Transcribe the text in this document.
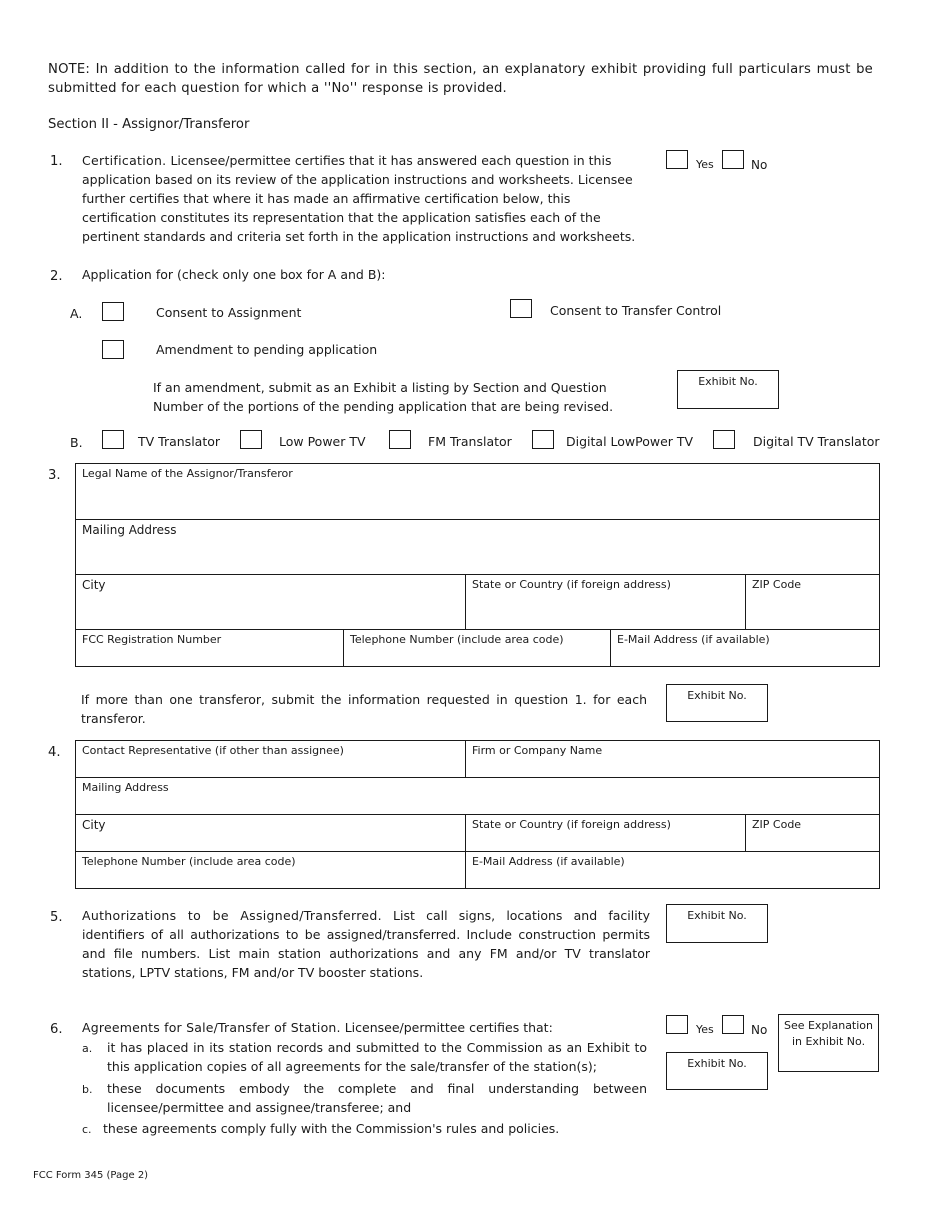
NOTE: In addition to the information called for in this section, an explanatory exhibit providing full particulars must be submitted for each question for which a ''No'' response is provided.
Section II - Assignor/Transferor
1. Certification. Licensee/permittee certifies that it has answered each question in this application based on its review of the application instructions and worksheets. Licensee further certifies that where it has made an affirmative certification below, this certification constitutes its representation that the application satisfies each of the pertinent standards and criteria set forth in the application instructions and worksheets.
Yes	No
2. Application for (check only one box for A and B):
A.	Consent to Assignment	Consent to Transfer Control
Amendment to pending application
If an amendment, submit as an Exhibit a listing by Section and Question Number of the portions of the pending application that are being revised.
Exhibit No.
B.	TV Translator	Low Power TV	FM Translator	Digital LowPower TV	Digital TV Translator
3.	Legal Name of the Assignor/Transferor
Mailing Address
City	State or Country (if foreign address)	ZIP Code
FCC Registration Number	Telephone Number (include area code)	E-Mail Address (if available)
If more than one transferor, submit the information requested in question 1. for each transferor.
Exhibit No.
4.	Contact Representative (if other than assignee)	Firm or Company Name
Mailing Address
City	State or Country (if foreign address)	ZIP Code
Telephone Number (include area code)	E-Mail Address (if available)
5. Authorizations to be Assigned/Transferred. List call signs, locations and facility identifiers of all authorizations to be assigned/transferred. Include construction permits and file numbers. List main station authorizations and any FM and/or TV translator stations, LPTV stations, FM and/or TV booster stations.
Exhibit No.
6. Agreements for Sale/Transfer of Station. Licensee/permittee certifies that:
a. it has placed in its station records and submitted to the Commission as an Exhibit to this application copies of all agreements for the sale/transfer of the station(s);
b. these documents embody the complete and final understanding between licensee/permittee and assignee/transferee; and
c. these agreements comply fully with the Commission's rules and policies.
Yes	No
Exhibit No.
See Explanation in Exhibit No.
FCC Form 345 (Page 2)
